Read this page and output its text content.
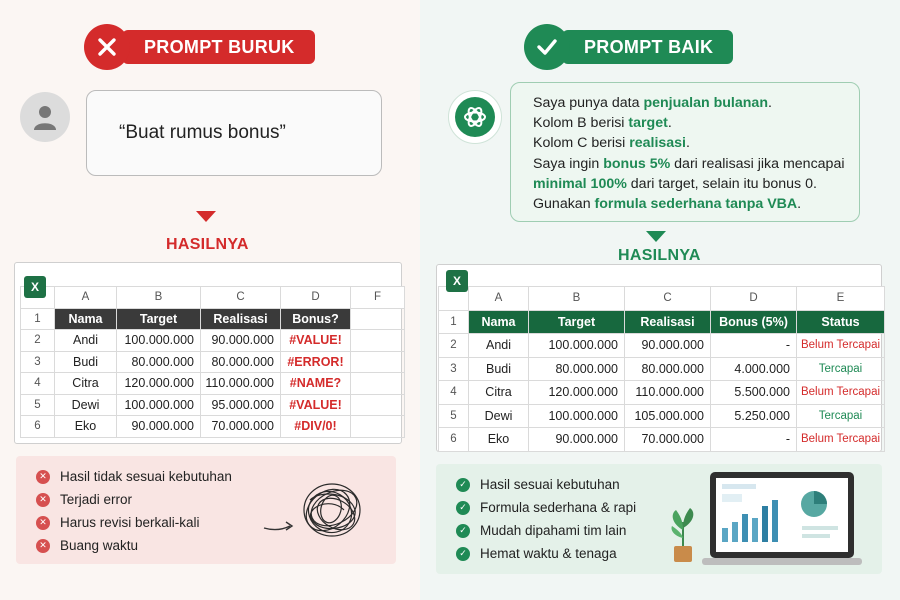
PROMPT BURUK
“Buat rumus bonus”
HASILNYA
X
	A	B	C	D	F
1	Nama	Target	Realisasi	Bonus?	
2	Andi	100.000.000	90.000.000	#VALUE!	
3	Budi	80.000.000	80.000.000	#ERROR!	
4	Citra	120.000.000	110.000.000	#NAME?	
5	Dewi	100.000.000	95.000.000	#VALUE!	
6	Eko	90.000.000	70.000.000	#DIV/0!	
✕ Hasil tidak sesuai kebutuhan
✕ Terjadi error
✕ Harus revisi berkali-kali
✕ Buang waktu
PROMPT BAIK
Saya punya data penjualan bulanan.
Kolom B berisi target.
Kolom C berisi realisasi.
Saya ingin bonus 5% dari realisasi jika mencapai
minimal 100% dari target, selain itu bonus 0.
Gunakan formula sederhana tanpa VBA.
HASILNYA
X
	A	B	C	D	E
1	Nama	Target	Realisasi	Bonus (5%)	Status
2	Andi	100.000.000	90.000.000	-	Belum Tercapai
3	Budi	80.000.000	80.000.000	4.000.000	Tercapai
4	Citra	120.000.000	110.000.000	5.500.000	Belum Tercapai
5	Dewi	100.000.000	105.000.000	5.250.000	Tercapai
6	Eko	90.000.000	70.000.000	-	Belum Tercapai
✓ Hasil sesuai kebutuhan
✓ Formula sederhana & rapi
✓ Mudah dipahami tim lain
✓ Hemat waktu & tenaga
